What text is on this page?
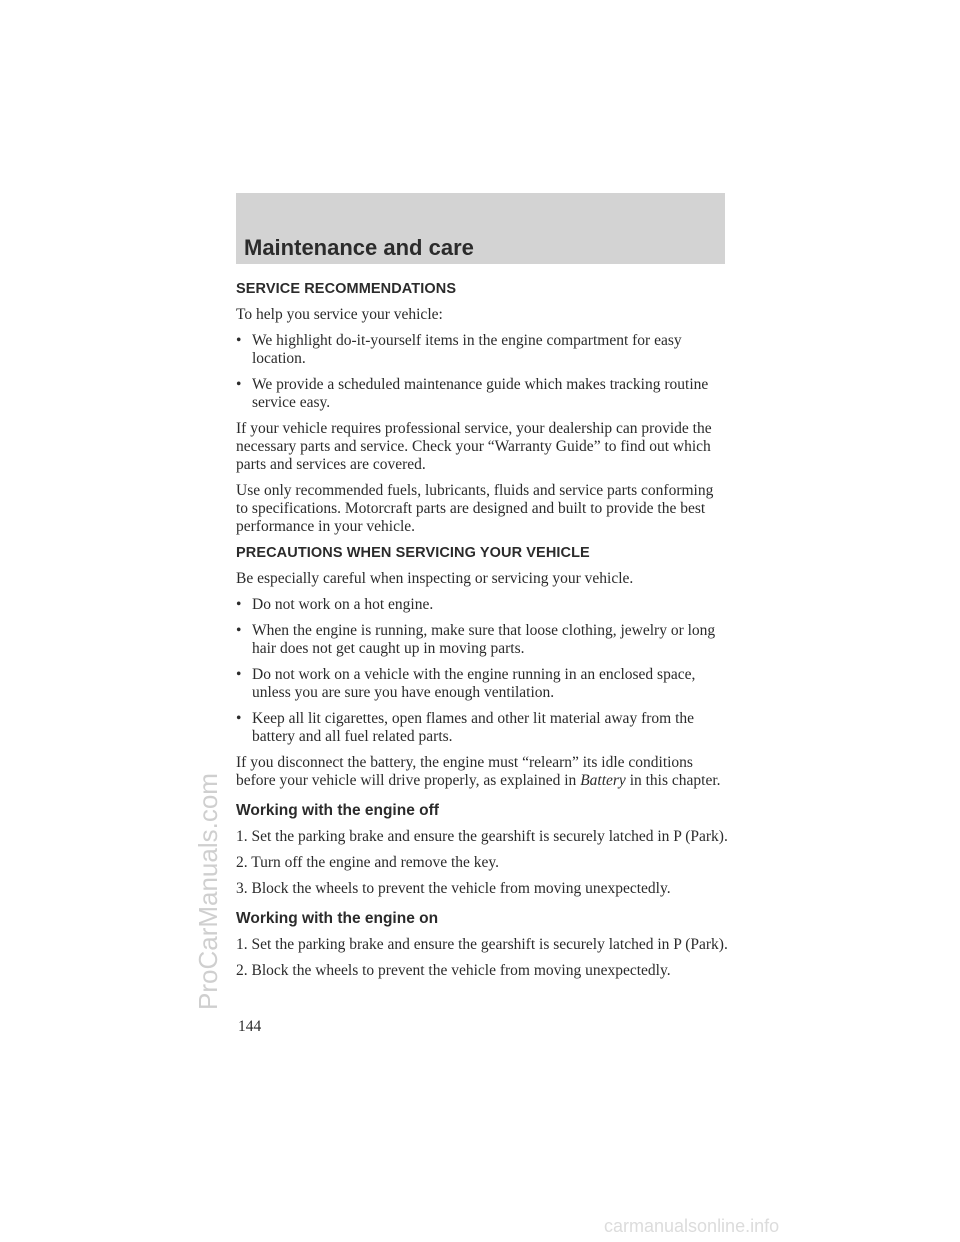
Maintenance and care
SERVICE RECOMMENDATIONS
To help you service your vehicle:
• We highlight do-it-yourself items in the engine compartment for easy location.
• We provide a scheduled maintenance guide which makes tracking routine service easy.
If your vehicle requires professional service, your dealership can provide the necessary parts and service. Check your “Warranty Guide” to find out which parts and services are covered.
Use only recommended fuels, lubricants, fluids and service parts conforming to specifications. Motorcraft parts are designed and built to provide the best performance in your vehicle.
PRECAUTIONS WHEN SERVICING YOUR VEHICLE
Be especially careful when inspecting or servicing your vehicle.
• Do not work on a hot engine.
• When the engine is running, make sure that loose clothing, jewelry or long hair does not get caught up in moving parts.
• Do not work on a vehicle with the engine running in an enclosed space, unless you are sure you have enough ventilation.
• Keep all lit cigarettes, open flames and other lit material away from the battery and all fuel related parts.
If you disconnect the battery, the engine must “relearn” its idle conditions before your vehicle will drive properly, as explained in Battery in this chapter.
Working with the engine off
1. Set the parking brake and ensure the gearshift is securely latched in P (Park).
2. Turn off the engine and remove the key.
3. Block the wheels to prevent the vehicle from moving unexpectedly.
Working with the engine on
1. Set the parking brake and ensure the gearshift is securely latched in P (Park).
2. Block the wheels to prevent the vehicle from moving unexpectedly.
144
ProCarManuals.com
carmanualsonline.info
